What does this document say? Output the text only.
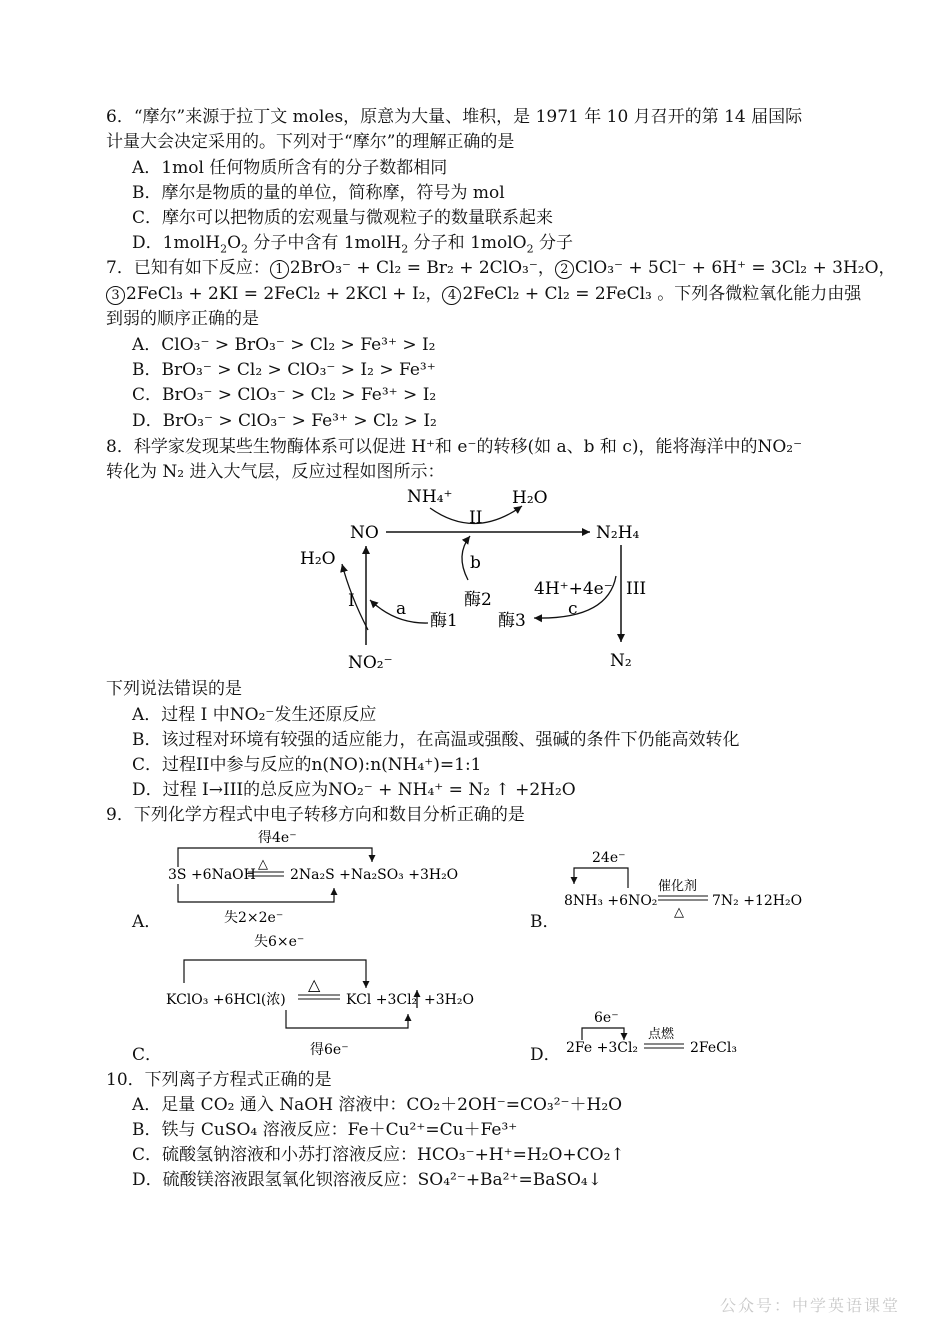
6．“摩尔”来源于拉丁文 moles，原意为大量、堆积，是 1971 年 10 月召开的第 14 届国际
计量大会决定采用的。下列对于“摩尔”的理解正确的是
A．1mol 任何物质所含有的分子数都相同
B．摩尔是物质的量的单位，简称摩，符号为 mol
C．摩尔可以把物质的宏观量与微观粒子的数量联系起来
D．$1molH_2O_2$ 分子中含有 1molH$_2$ 分子和 1molO$_2$ 分子
7．已知有如下反应： 1 2BrO₃⁻ + Cl₂ = Br₂ + 2ClO₃⁻， 2 ClO₃⁻ + 5Cl⁻ + 6H⁺ = 3Cl₂ + 3H₂O，
3 2FeCl₃ + 2KI = 2FeCl₂ + 2KCl + I₂， 4 2FeCl₂ + Cl₂ = 2FeCl₃ 。下列各微粒氧化能力由强
到弱的顺序正确的是
A．ClO₃⁻ > BrO₃⁻ > Cl₂ > Fe³⁺ > I₂
B．BrO₃⁻ > Cl₂ > ClO₃⁻ > I₂ > Fe³⁺
C．BrO₃⁻ > ClO₃⁻ > Cl₂ > Fe³⁺ > I₂
D．BrO₃⁻ > ClO₃⁻ > Fe³⁺ > Cl₂ > I₂
8．科学家发现某些生物酶体系可以促进 H⁺和 e⁻的转移(如 a、b 和 c)，能将海洋中的NO₂⁻
转化为 N₂ 进入大气层，反应过程如图所示：
NH₄⁺	H₂O
NO
II
N₂H₄
H₂O	b
酶2
4H⁺+4e⁻ III
I a
酶1
c
酶3
NO₂⁻	N₂
下列说法错误的是
A．过程 I 中NO₂⁻发生还原反应
B．该过程对环境有较强的适应能力，在高温或强酸、强碱的条件下仍能高效转化
C．过程II中参与反应的n(NO):n(NH₄⁺)=1:1
D．过程 I→III的总反应为NO₂⁻ + NH₄⁺ = N₂ ↑ +2H₂O
9．下列化学方程式中电子转移方向和数目分析正确的是
得4e⁻
3S +6NaOH
△
2Na₂S +Na₂SO₃ +3H₂O
失2×2e⁻
A．
24e⁻
8NH₃ +6NO₂
催化剂
△
7N₂ +12H₂O
B．
失6×e⁻
KClO₃ +6HCl(浓)
△
KCl +3Cl₂ +3H₂O
得6e⁻
C．
6e⁻
2Fe +3Cl₂
点燃
2FeCl₃
D．
10．下列离子方程式正确的是
A．足量 CO₂ 通入 NaOH 溶液中：CO₂＋2OH⁻=CO₃²⁻＋H₂O
B．铁与 CuSO₄ 溶液反应：Fe＋Cu²⁺=Cu＋Fe³⁺
C．硫酸氢钠溶液和小苏打溶液反应：HCO₃⁻+H⁺=H₂O+CO₂↑
D．硫酸镁溶液跟氢氧化钡溶液反应：SO₄²⁻+Ba²⁺=BaSO₄↓
公众号：中学英语课堂
